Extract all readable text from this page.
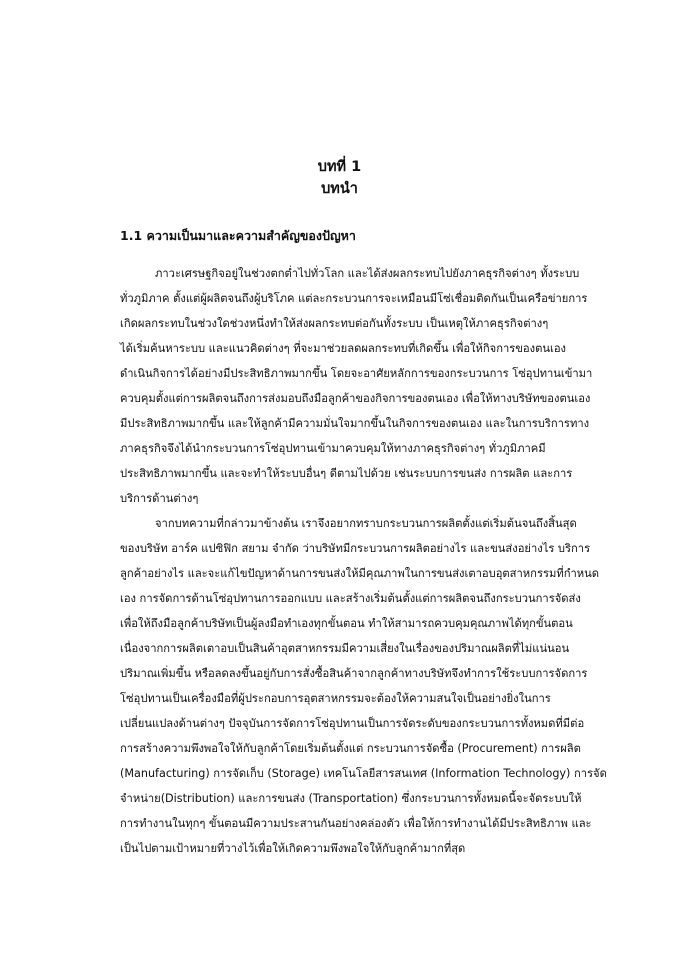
บทที่ 1
บทนำ
1.1 ความเป็นมาและความสำคัญของปัญหา
ภาวะเศรษฐกิจอยู่ในช่วงตกต่ำไปทั่วโลก และได้ส่งผลกระทบไปยังภาคธุรกิจต่างๆ ทั้งระบบ
ทั่วภูมิภาค ตั้งแต่ผู้ผลิตจนถึงผู้บริโภค แต่ละกระบวนการจะเหมือนมีโซ่เชื่อมติดกันเป็นเครือข่ายการ
เกิดผลกระทบในช่วงใดช่วงหนึ่งทำให้ส่งผลกระทบต่อกันทั้งระบบ เป็นเหตุให้ภาคธุรกิจต่างๆ
ได้เริ่มค้นหาระบบ และแนวคิดต่างๆ ที่จะมาช่วยลดผลกระทบที่เกิดขึ้น เพื่อให้กิจการของตนเอง
ดำเนินกิจการได้อย่างมีประสิทธิภาพมากขึ้น โดยจะอาศัยหลักการของกระบวนการ โซ่อุปทานเข้ามา
ควบคุมตั้งแต่การผลิตจนถึงการส่งมอบถึงมือลูกค้าของกิจการของตนเอง เพื่อให้ทางบริษัทของตนเอง
มีประสิทธิภาพมากขึ้น และให้ลูกค้ามีความมั่นใจมากขึ้นในกิจการของตนเอง และในการบริการทาง
ภาคธุรกิจจึงได้นำกระบวนการโซ่อุปทานเข้ามาควบคุมให้ทางภาคธุรกิจต่างๆ ทั่วภูมิภาคมี
ประสิทธิภาพมากขึ้น และจะทำให้ระบบอื่นๆ ดีตามไปด้วย เช่นระบบการขนส่ง การผลิต และการ
บริการด้านต่างๆ
จากบทความที่กล่าวมาข้างต้น เราจึงอยากทราบกระบวนการผลิตตั้งแต่เริ่มต้นจนถึงสิ้นสุด
ของบริษัท อาร์ค แปซิฟิก สยาม จำกัด ว่าบริษัทมีกระบวนการผลิตอย่างไร และขนส่งอย่างไร บริการ
ลูกค้าอย่างไร และจะแก้ไขปัญหาด้านการขนส่งให้มีคุณภาพในการขนส่งเตาอบอุตสาหกรรมที่กำหนด
เอง การจัดการด้านโซ่อุปทานการออกแบบ และสร้างเริ่มต้นตั้งแต่การผลิตจนถึงกระบวนการจัดส่ง
เพื่อให้ถึงมือลูกค้าบริษัทเป็นผู้ลงมือทำเองทุกขั้นตอน ทำให้สามารถควบคุมคุณภาพได้ทุกขั้นตอน
เนื่องจากการผลิตเตาอบเป็นสินค้าอุตสาหกรรมมีความเสี่ยงในเรื่องของปริมาณผลิตที่ไม่แน่นอน
ปริมาณเพิ่มขึ้น หรือลดลงขึ้นอยู่กับการสั่งซื้อสินค้าจากลูกค้าทางบริษัทจึงทำการใช้ระบบการจัดการ
โซ่อุปทานเป็นเครื่องมือที่ผู้ประกอบการอุตสาหกรรมจะต้องให้ความสนใจเป็นอย่างยิ่งในการ
เปลี่ยนแปลงด้านต่างๆ ปัจจุบันการจัดการโซ่อุปทานเป็นการจัดระดับของกระบวนการทั้งหมดที่มีต่อ
การสร้างความพึงพอใจให้กับลูกค้าโดยเริ่มต้นตั้งแต่ กระบวนการจัดซื้อ (Procurement) การผลิต
(Manufacturing) การจัดเก็บ (Storage) เทคโนโลยีสารสนเทศ (Information Technology) การจัด
จำหน่าย(Distribution) และการขนส่ง (Transportation) ซึ่งกระบวนการทั้งหมดนี้จะจัดระบบให้
การทำงานในทุกๆ ขั้นตอนมีความประสานกันอย่างคล่องตัว เพื่อให้การทำงานได้มีประสิทธิภาพ และ
เป็นไปตามเป้าหมายที่วางไว้เพื่อให้เกิดความพึงพอใจให้กับลูกค้ามากที่สุด
